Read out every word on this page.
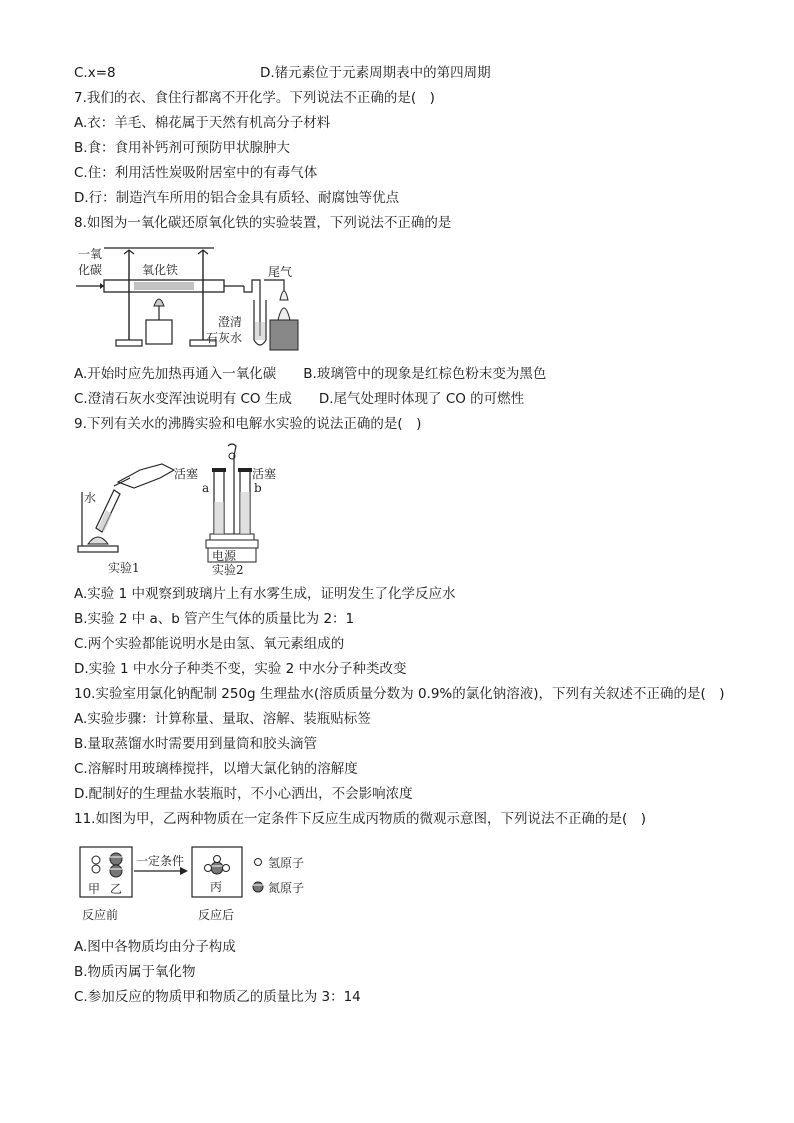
C.x=8	D.锗元素位于元素周期表中的第四周期
7.我们的衣、食住行都离不开化学。下列说法不正确的是(　)
A.衣：羊毛、棉花属于天然有机高分子材料
B.食：食用补钙剂可预防甲状腺肿大
C.住：利用活性炭吸附居室中的有毒气体
D.行：制造汽车所用的铝合金具有质轻、耐腐蚀等优点
8.如图为一氧化碳还原氧化铁的实验装置，下列说法不正确的是
一氧
化碳	氧化铁	尾气
澄清
石灰水
A.开始时应先加热再通入一氧化碳　　B.玻璃管中的现象是红棕色粉末变为黑色
C.澄清石灰水变浑浊说明有 CO 生成　　D.尾气处理时体现了 CO 的可燃性
9.下列有关水的沸腾实验和电解水实验的说法正确的是(　)
水
活塞	活塞
a	b
电源
实验1	实验2
A.实验 1 中观察到玻璃片上有水雾生成，证明发生了化学反应水
B.实验 2 中 a、b 管产生气体的质量比为 2：1
C.两个实验都能说明水是由氢、氧元素组成的
D.实验 1 中水分子种类不变，实验 2 中水分子种类改变
10.实验室用氯化钠配制 250g 生理盐水(溶质质量分数为 0.9%的氯化钠溶液)，下列有关叙述不正确的是(　)
A.实验步骤：计算称量、量取、溶解、装瓶贴标签
B.量取蒸馏水时需要用到量筒和胶头滴管
C.溶解时用玻璃棒搅拌，以增大氯化钠的溶解度
D.配制好的生理盐水装瓶时，不小心洒出，不会影响浓度
11.如图为甲，乙两种物质在一定条件下反应生成丙物质的微观示意图，下列说法不正确的是(　)
甲 乙
一定条件
丙
反应前	反应后
氢原子
氮原子
A.图中各物质均由分子构成
B.物质丙属于氧化物
C.参加反应的物质甲和物质乙的质量比为 3：14
